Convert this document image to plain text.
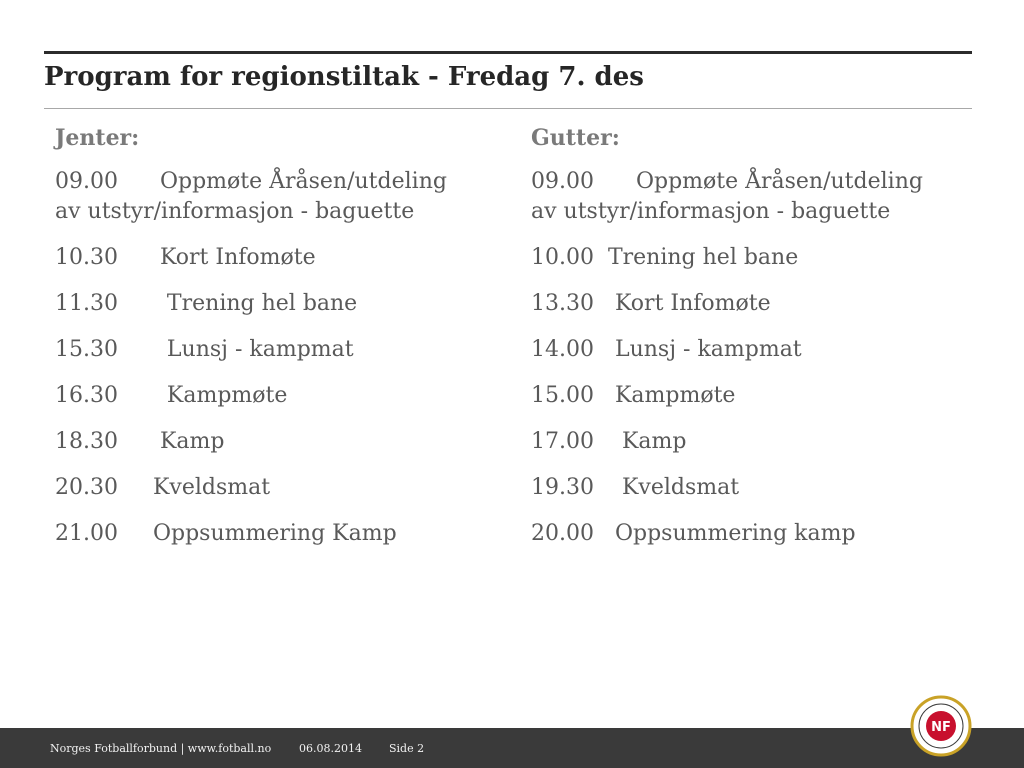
Program for regionstiltak - Fredag 7. des

Jenter:

09.00      Oppmøte Åråsen/utdeling
av utstyr/informasjon - baguette

10.30      Kort Infomøte

11.30       Trening hel bane

15.30       Lunsj - kampmat

16.30       Kampmøte

18.30      Kamp

20.30     Kveldsmat

21.00     Oppsummering Kamp

Gutter:

09.00      Oppmøte Åråsen/utdeling
av utstyr/informasjon - baguette

10.00  Trening hel bane

13.30   Kort Infomøte

14.00   Lunsj - kampmat

15.00   Kampmøte

17.00    Kamp

19.30    Kveldsmat

20.00   Oppsummering kamp

Norges Fotballforbund | www.fotball.no	06.08.2014 Side 2
NF
